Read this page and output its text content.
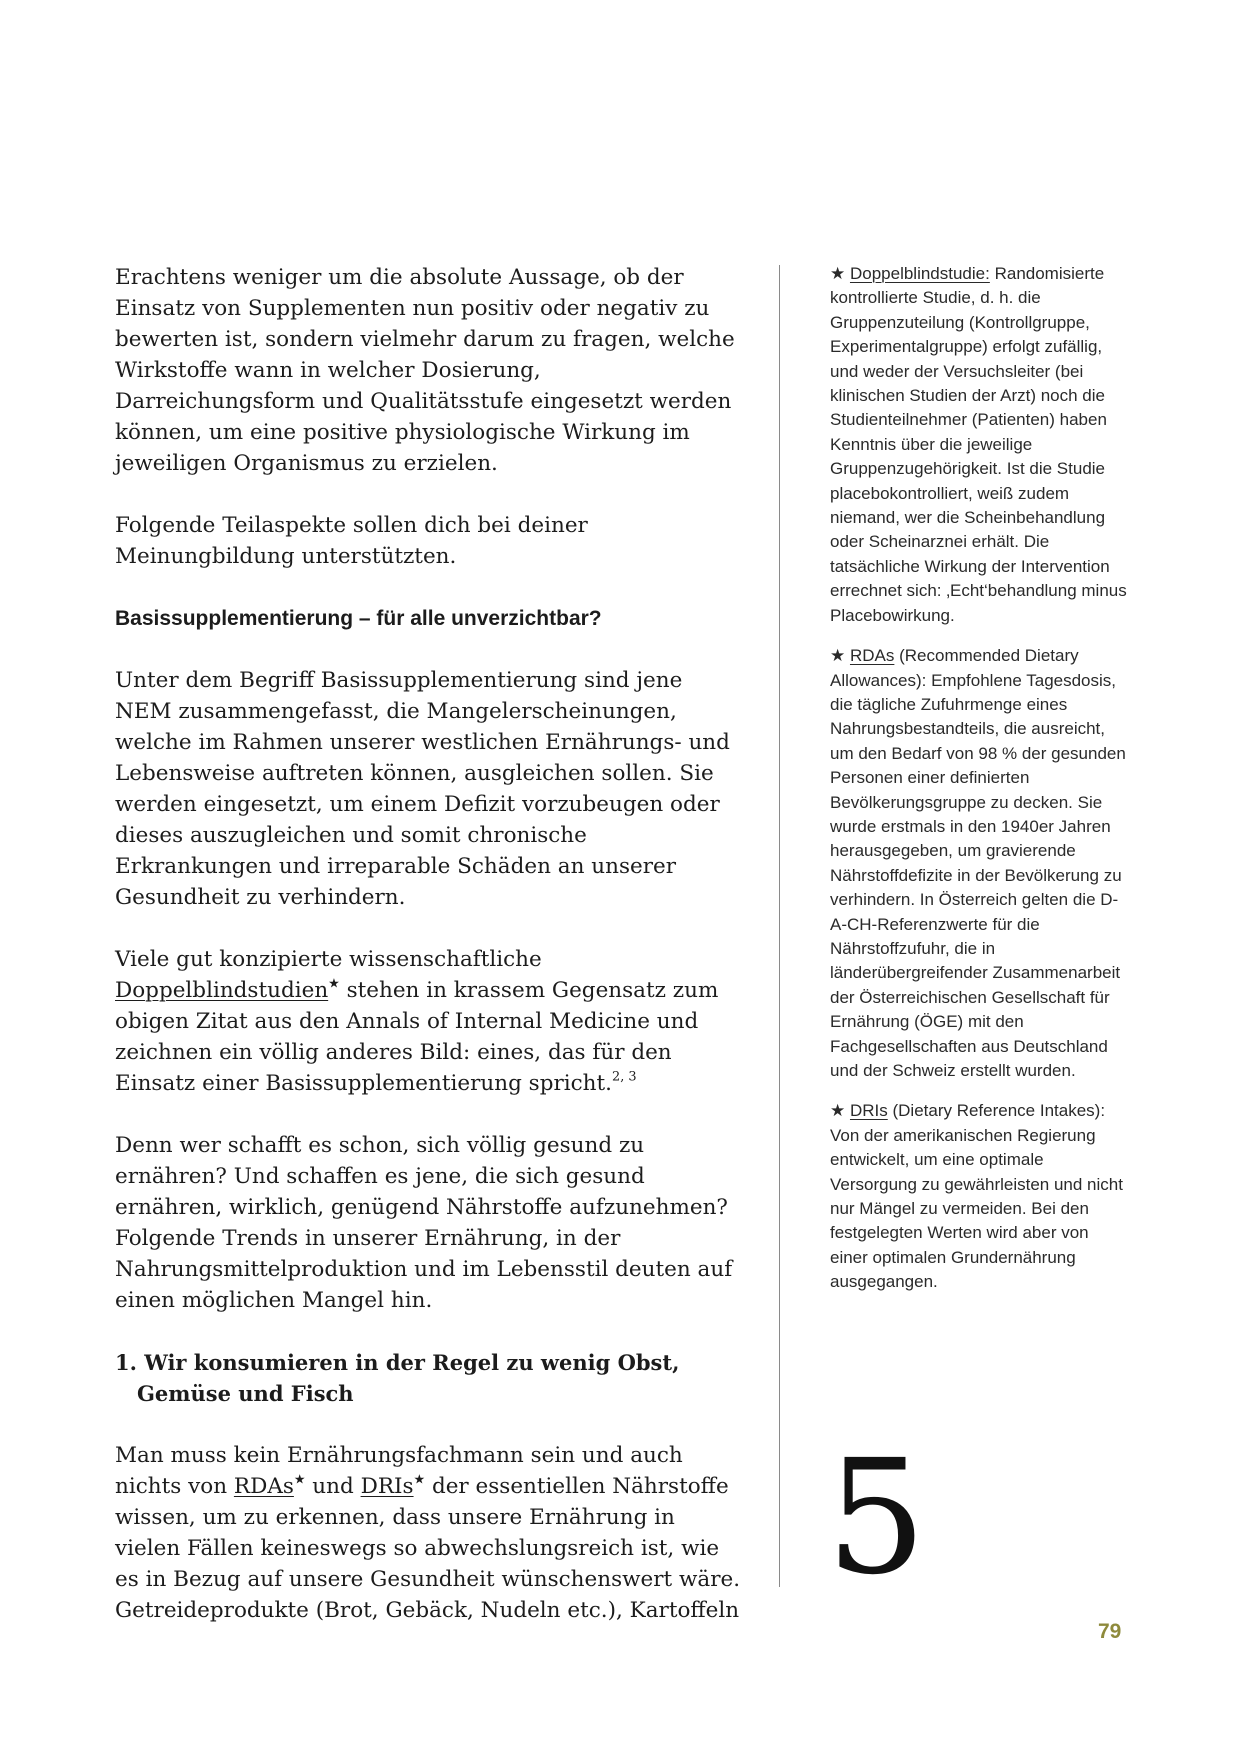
Erachtens weniger um die absolute Aussage, ob der Einsatz von Supplementen nun positiv oder negativ zu bewerten ist, sondern vielmehr darum zu fragen, welche Wirkstoffe wann in welcher Dosierung, Darreichungsform und Qualitätsstufe eingesetzt werden können, um eine positive physiologische Wirkung im jeweiligen Organismus zu erzielen.

Folgende Teilaspekte sollen dich bei deiner Meinungbildung unterstützten.

Basissupplementierung – für alle unverzichtbar?

Unter dem Begriff Basissupplementierung sind jene NEM zusammengefasst, die Mangelerscheinungen, welche im Rahmen unserer westlichen Ernährungs- und Lebensweise auftreten können, ausgleichen sollen. Sie werden eingesetzt, um einem Defizit vorzubeugen oder dieses auszugleichen und somit chronische Erkrankungen und irreparable Schäden an unserer Gesundheit zu verhindern.

Viele gut konzipierte wissenschaftliche Doppelblindstudien★ stehen in krassem Gegensatz zum obigen Zitat aus den Annals of Internal Medicine und zeichnen ein völlig anderes Bild: eines, das für den Einsatz einer Basissupplementierung spricht.$^{2, 3}$

Denn wer schafft es schon, sich völlig gesund zu ernähren? Und schaffen es jene, die sich gesund ernähren, wirklich, genügend Nährstoffe aufzunehmen? Folgende Trends in unserer Ernährung, in der Nahrungsmittelproduktion und im Lebensstil deuten auf einen möglichen Mangel hin.

1. Wir konsumieren in der Regel zu wenig Obst, Gemüse und Fisch

Man muss kein Ernährungsfachmann sein und auch nichts von RDAs★ und DRIs★ der essentiellen Nährstoffe wissen, um zu erkennen, dass unsere Ernährung in vielen Fällen keineswegs so abwechslungsreich ist, wie es in Bezug auf unsere Gesundheit wünschenswert wäre. Getreideprodukte (Brot, Gebäck, Nudeln etc.), Kartoffeln

★ Doppelblindstudie: Randomisierte kontrollierte Studie, d. h. die Gruppenzuteilung (Kontrollgruppe, Experimentalgruppe) erfolgt zufällig, und weder der Versuchsleiter (bei klinischen Studien der Arzt) noch die Studienteilnehmer (Patienten) haben Kenntnis über die jeweilige Gruppenzugehörigkeit. Ist die Studie placebokontrolliert, weiß zudem niemand, wer die Scheinbehandlung oder Scheinarznei erhält. Die tatsächliche Wirkung der Intervention errechnet sich: ‚Echt‘behandlung minus Placebowirkung.

★ RDAs (Recommended Dietary Allowances): Empfohlene Tagesdosis, die tägliche Zufuhrmenge eines Nahrungsbestandteils, die ausreicht, um den Bedarf von 98 % der gesunden Personen einer definierten Bevölkerungsgruppe zu decken. Sie wurde erstmals in den 1940er Jahren herausgegeben, um gravierende Nährstoffdefizite in der Bevölkerung zu verhindern. In Österreich gelten die D-A-CH-Referenzwerte für die Nährstoffzufuhr, die in länderübergreifender Zusammenarbeit der Österreichischen Gesellschaft für Ernährung (ÖGE) mit den Fachgesellschaften aus Deutschland und der Schweiz erstellt wurden.

★ DRIs (Dietary Reference Intakes): Von der amerikanischen Regierung entwickelt, um eine optimale Versorgung zu gewährleisten und nicht nur Mängel zu vermeiden. Bei den festgelegten Werten wird aber von einer optimalen Grundernährung ausgegangen.

5
79
